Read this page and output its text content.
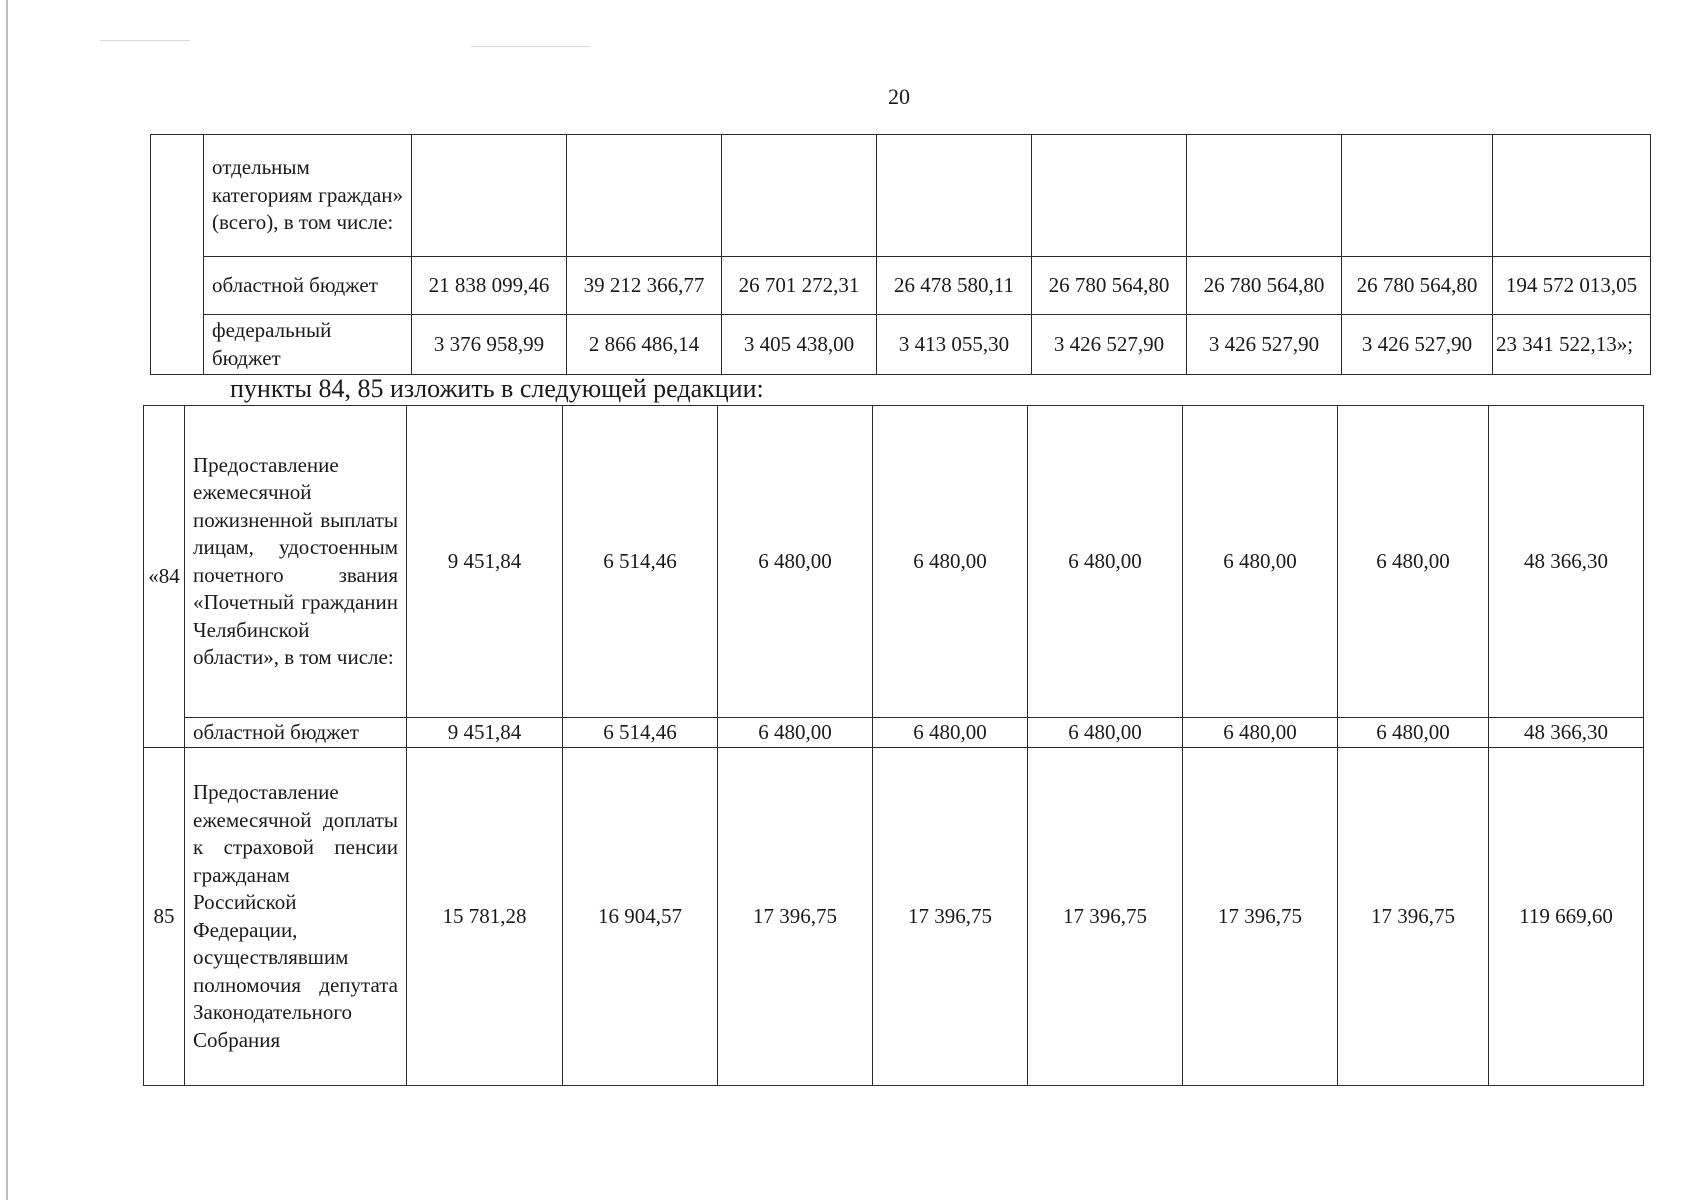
20
	отдельным категориям граждан» (всего), в том числе:								
	областной бюджет	21 838 099,46	39 212 366,77	26 701 272,31	26 478 580,11	26 780 564,80	26 780 564,80	26 780 564,80	194 572 013,05
	федеральный бюджет	3 376 958,99	2 866 486,14	3 405 438,00	3 413 055,30	3 426 527,90	3 426 527,90	3 426 527,90	23 341 522,13»;
пункты 84, 85 изложить в следующей редакции:
«84	Предоставление ежемесячной пожизненной выплаты лицам, удостоенным почетного звания «Почетный гражданин Челябинской области», в том числе:	9 451,84	6 514,46	6 480,00	6 480,00	6 480,00	6 480,00	6 480,00	48 366,30
	областной бюджет	9 451,84	6 514,46	6 480,00	6 480,00	6 480,00	6 480,00	6 480,00	48 366,30
85	Предоставление ежемесячной доплаты к страховой пенсии гражданам Российской Федерации, осуществлявшим полномочия депутата Законодательного Собрания	15 781,28	16 904,57	17 396,75	17 396,75	17 396,75	17 396,75	17 396,75	119 669,60
